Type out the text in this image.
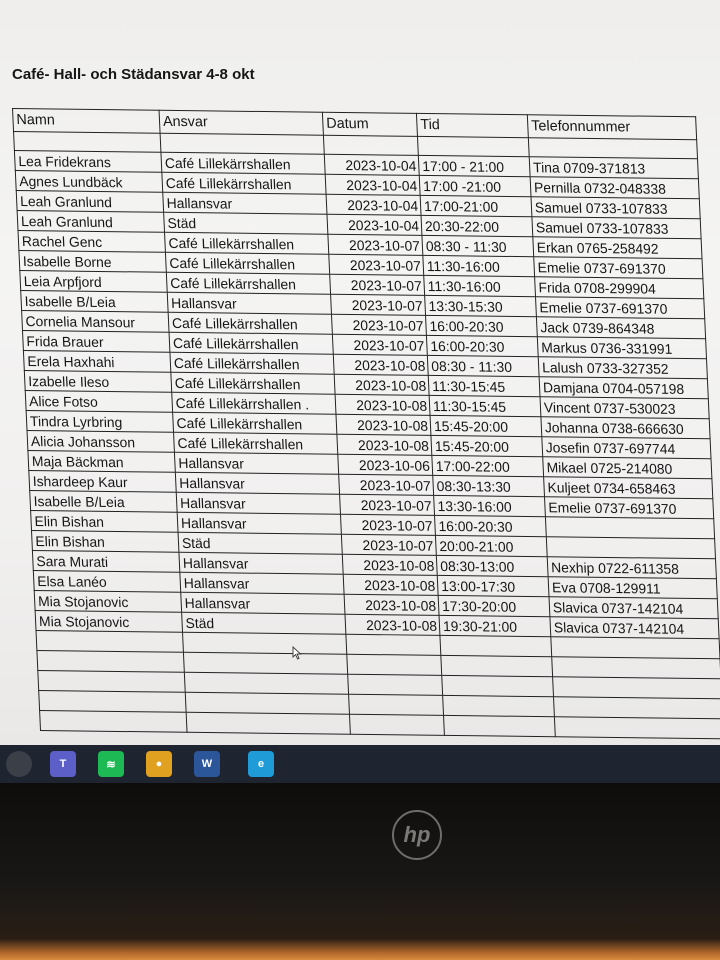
Café- Hall- och Städansvar 4-8 okt
Namn	Ansvar	Datum	Tid	Telefonnummer

Lea Fridekrans	Café Lillekärrshallen	2023-10-04	17:00 - 21:00	Tina 0709-371813
Agnes Lundbäck	Café Lillekärrshallen	2023-10-04	17:00 -21:00	Pernilla 0732-048338
Leah Granlund	Hallansvar	2023-10-04	17:00-21:00	Samuel 0733-107833
Leah Granlund	Städ	2023-10-04	20:30-22:00	Samuel 0733-107833
Rachel Genc	Café Lillekärrshallen	2023-10-07	08:30 - 11:30	Erkan 0765-258492
Isabelle Borne	Café Lillekärrshallen	2023-10-07	11:30-16:00	Emelie 0737-691370
Leia Arpfjord	Café Lillekärrshallen	2023-10-07	11:30-16:00	Frida 0708-299904
Isabelle B/Leia	Hallansvar	2023-10-07	13:30-15:30	Emelie 0737-691370
Cornelia Mansour	Café Lillekärrshallen	2023-10-07	16:00-20:30	Jack 0739-864348
Frida Brauer	Café Lillekärrshallen	2023-10-07	16:00-20:30	Markus 0736-331991
Erela Haxhahi	Café Lillekärrshallen	2023-10-08	08:30 - 11:30	Lalush 0733-327352
Izabelle Ileso	Café Lillekärrshallen	2023-10-08	11:30-15:45	Damjana 0704-057198
Alice Fotso	Café Lillekärrshallen .	2023-10-08	11:30-15:45	Vincent 0737-530023
Tindra Lyrbring	Café Lillekärrshallen	2023-10-08	15:45-20:00	Johanna 0738-666630
Alicia Johansson	Café Lillekärrshallen	2023-10-08	15:45-20:00	Josefin 0737-697744
Maja Bäckman	Hallansvar	2023-10-06	17:00-22:00	Mikael 0725-214080
Ishardeep Kaur	Hallansvar	2023-10-07	08:30-13:30	Kuljeet 0734-658463
Isabelle B/Leia	Hallansvar	2023-10-07	13:30-16:00	Emelie 0737-691370
Elin Bishan	Hallansvar	2023-10-07	16:00-20:30	
Elin Bishan	Städ	2023-10-07	20:00-21:00	
Sara Murati	Hallansvar	2023-10-08	08:30-13:00	Nexhip 0722-611358
Elsa Lanéo	Hallansvar	2023-10-08	13:00-17:30	Eva 0708-129911
Mia Stojanovic	Hallansvar	2023-10-08	17:30-20:00	Slavica 0737-142104
Mia Stojanovic	Städ	2023-10-08	19:30-21:00	Slavica 0737-142104

T	≋	●	W	e
hp
